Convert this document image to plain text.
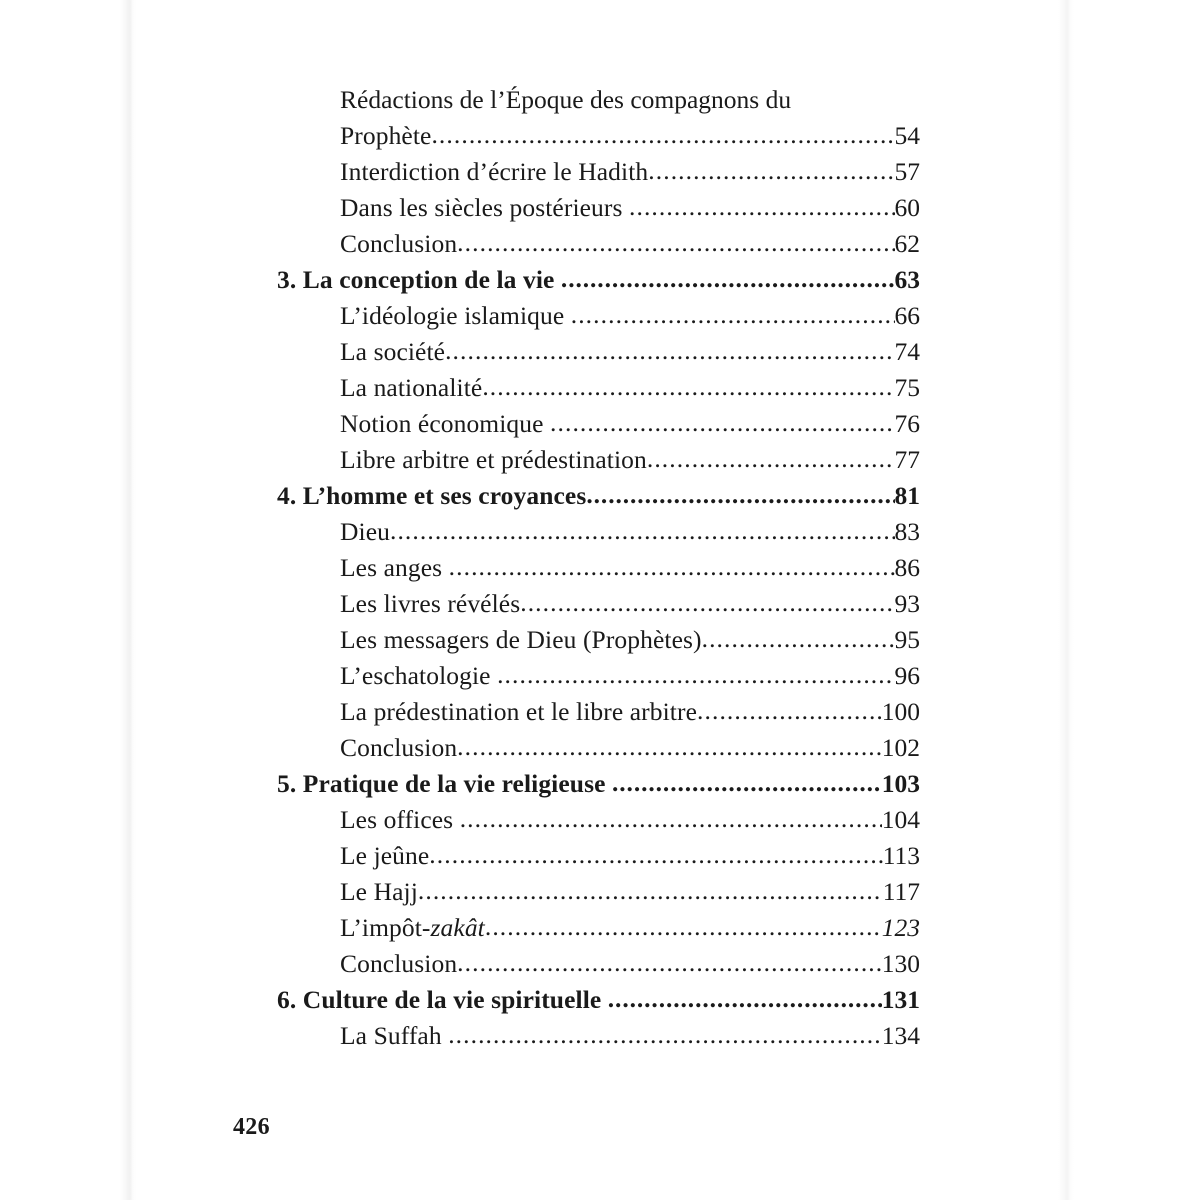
Rédactions de l’Époque des compagnons du
Prophète .....	54
Interdiction d’écrire le Hadith .....	57
Dans les siècles postérieurs .....	60
Conclusion .....	62
3. La conception de la vie .....	63
L’idéologie islamique .....	66
La société .....	74
La nationalité .....	75
Notion économique .....	76
Libre arbitre et prédestination .....	77
4. L’homme et ses croyances .....	81
Dieu .....	83
Les anges .....	86
Les livres révélés .....	93
Les messagers de Dieu (Prophètes) .....	95
L’eschatologie .....	96
La prédestination et le libre arbitre .....	100
Conclusion .....	102
5. Pratique de la vie religieuse .....	103
Les offices .....	104
Le jeûne .....	113
Le Hajj .....	117
L’impôt- zakât .....	123
Conclusion .....	130
6. Culture de la vie spirituelle .....	131
La Suffah .....	134
426
